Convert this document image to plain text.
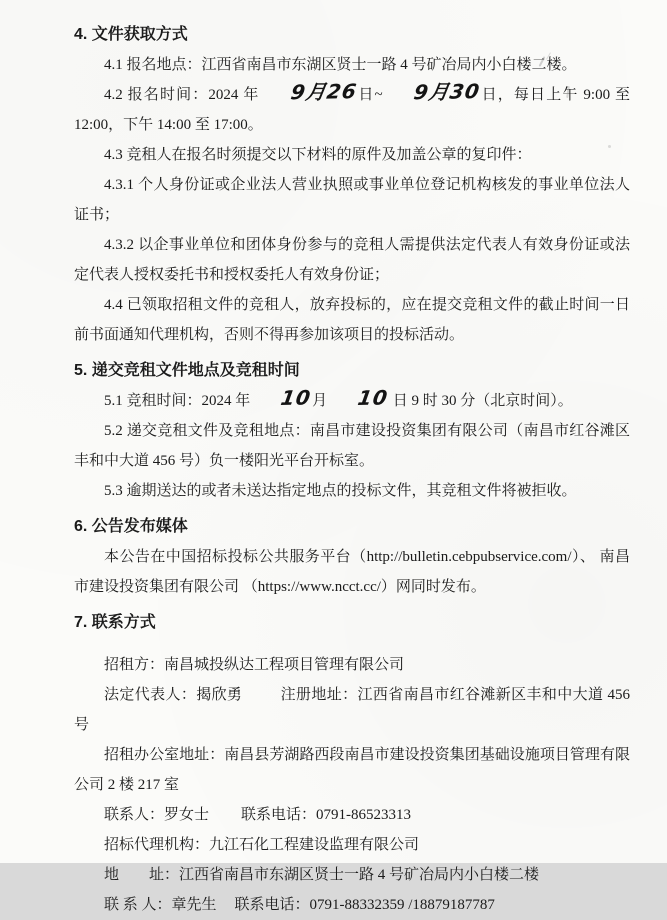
4. 文件获取方式

4.1 报名地点：江西省南昌市东湖区贤士一路 4 号矿冶局内小白楼二楼。

4.2 报名时间：2024 年 9月26日~ 9月30日，每日上午 9:00 至 12:00，下午 14:00 至 17:00。

4.3 竞租人在报名时须提交以下材料的原件及加盖公章的复印件：

4.3.1 个人身份证或企业法人营业执照或事业单位登记机构核发的事业单位法人证书；

4.3.2 以企事业单位和团体身份参与的竞租人需提供法定代表人有效身份证或法定代表人授权委托书和授权委托人有效身份证；

4.4 已领取招租文件的竞租人，放弃投标的，应在提交竞租文件的截止时间一日前书面通知代理机构，否则不得再参加该项目的投标活动。

5. 递交竞租文件地点及竞租时间

5.1 竞租时间：2024 年 10月 10 日 9 时 30 分（北京时间）。

5.2 递交竞租文件及竞租地点：南昌市建设投资集团有限公司（南昌市红谷滩区丰和中大道 456 号）负一楼阳光平台开标室。

5.3 逾期送达的或者未送达指定地点的投标文件，其竞租文件将被拒收。

6. 公告发布媒体

本公告在中国招标投标公共服务平台（http://bulletin.cebpubservice.com/）、 南昌市建设投资集团有限公司 （https://www.ncct.cc/）网同时发布。

7. 联系方式

招租方：南昌城投纵达工程项目管理有限公司

法定代表人：揭欣勇	注册地址：江西省南昌市红谷滩新区丰和中大道 456 号

招租办公室地址：南昌县芳湖路西段南昌市建设投资集团基础设施项目管理有限公司 2 楼 217 室

联系人：罗女士 联系电话：0791-86523313

招标代理机构：九江石化工程建设监理有限公司

地　　址：江西省南昌市东湖区贤士一路 4 号矿冶局内小白楼二楼

联 系 人：章先生 联系电话：0791-88332359 /18879187787
